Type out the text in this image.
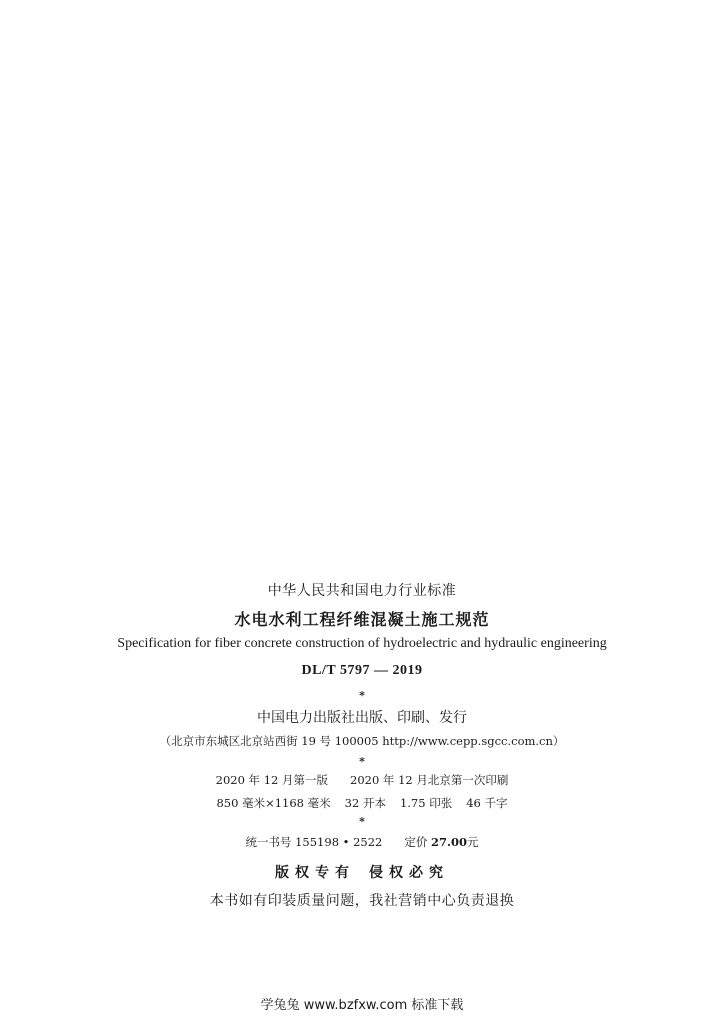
中华人民共和国电力行业标准
水电水利工程纤维混凝土施工规范
Specification for fiber concrete construction of hydroelectric and hydraulic engineering
DL/T 5797 — 2019
*
中国电力出版社出版、印刷、发行
（北京市东城区北京站西街 19 号 100005 http://www.cepp.sgcc.com.cn）
*
2020 年 12 月第一版 2020 年 12 月北京第一次印刷
850 毫米×1168 毫米 32 开本 1.75 印张 46 千字
*
统一书号 155198 • 2522 定价 27.00元
版权专有 侵权必究
本书如有印装质量问题，我社营销中心负责退换
学兔兔 www.bzfxw.com 标准下载
